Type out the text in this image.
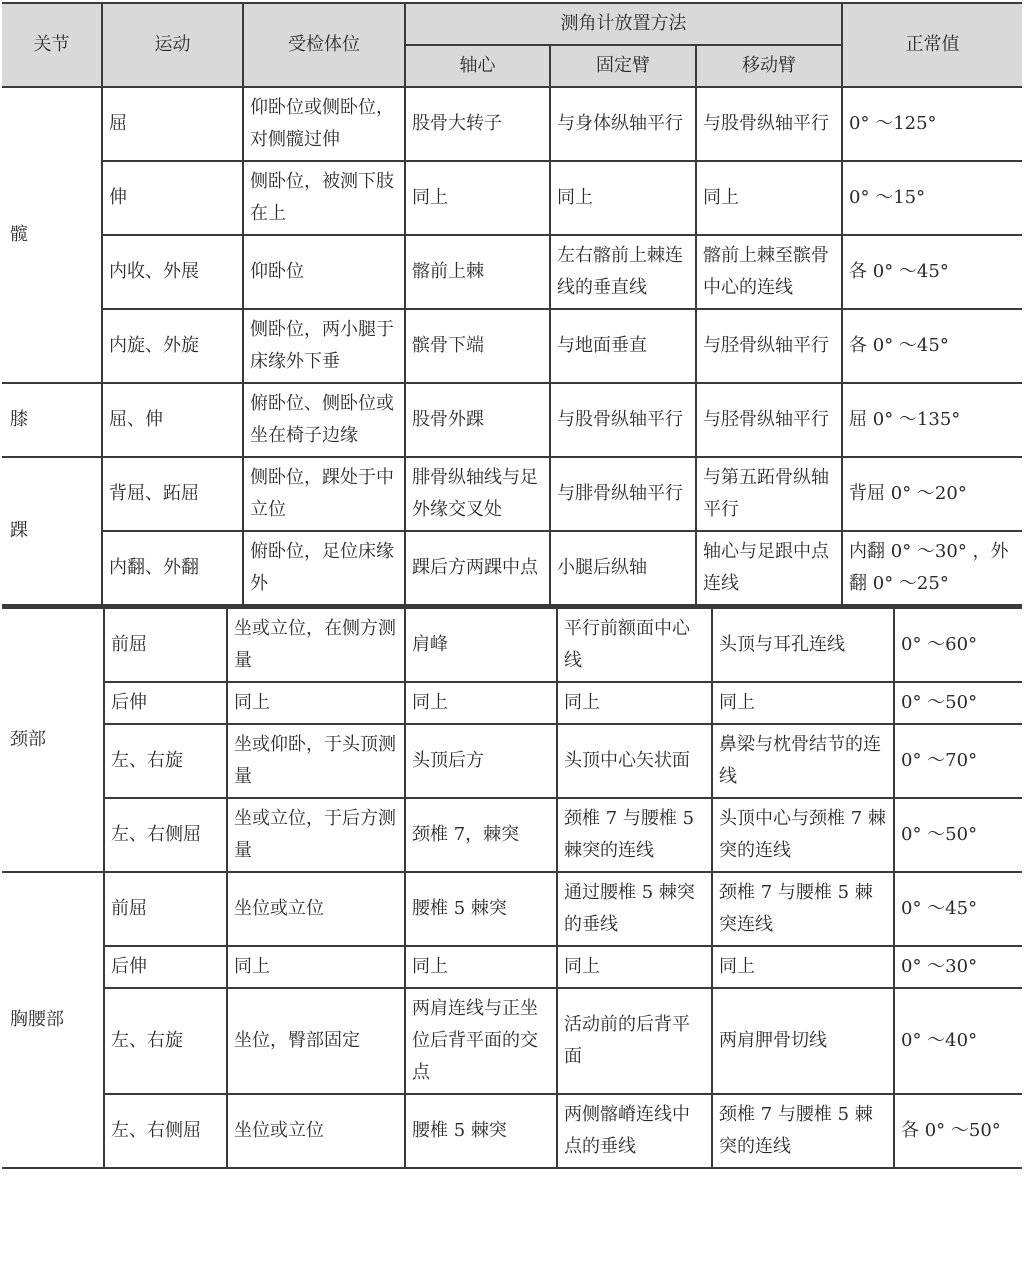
关节	运动	受检体位	测角计放置方法			正常值
			轴心	固定臂	移动臂	
髋	屈	仰卧位或侧卧位，对侧髋过伸	股骨大转子	与身体纵轴平行	与股骨纵轴平行	0° ～125°
	伸	侧卧位，被测下肢在上	同上	同上	同上	0° ～15°
	内收、外展	仰卧位	髂前上棘	左右髂前上棘连线的垂直线	髂前上棘至髌骨中心的连线	各 0° ～45°
	内旋、外旋	侧卧位，两小腿于床缘外下垂	髌骨下端	与地面垂直	与胫骨纵轴平行	各 0° ～45°
膝	屈、伸	俯卧位、侧卧位或坐在椅子边缘	股骨外踝	与股骨纵轴平行	与胫骨纵轴平行	屈 0° ～135°
踝	背屈、跖屈	侧卧位，踝处于中立位	腓骨纵轴线与足外缘交叉处	与腓骨纵轴平行	与第五跖骨纵轴平行	背屈 0° ～20°
	内翻、外翻	俯卧位，足位床缘外	踝后方两踝中点	小腿后纵轴	轴心与足跟中点连线	内翻 0° ～30° ，外翻 0° ～25°
颈部	前屈	坐或立位，在侧方测量	肩峰	平行前额面中心线	头顶与耳孔连线	0° ～60°
	后伸	同上	同上	同上	同上	0° ～50°
	左、右旋	坐或仰卧，于头顶测量	头顶后方	头顶中心矢状面	鼻梁与枕骨结节的连线	0° ～70°
	左、右侧屈	坐或立位，于后方测量	颈椎 7，棘突	颈椎 7 与腰椎 5 棘突的连线	头顶中心与颈椎 7 棘突的连线	0° ～50°
胸腰部	前屈	坐位或立位	腰椎 5 棘突	通过腰椎 5 棘突的垂线	颈椎 7 与腰椎 5 棘突连线	0° ～45°
	后伸	同上	同上	同上	同上	0° ～30°
	左、右旋	坐位，臀部固定	两肩连线与正坐位后背平面的交点	活动前的后背平面	两肩胛骨切线	0° ～40°
	左、右侧屈	坐位或立位	腰椎 5 棘突	两侧髂嵴连线中点的垂线	颈椎 7 与腰椎 5 棘突的连线	各 0° ～50°
